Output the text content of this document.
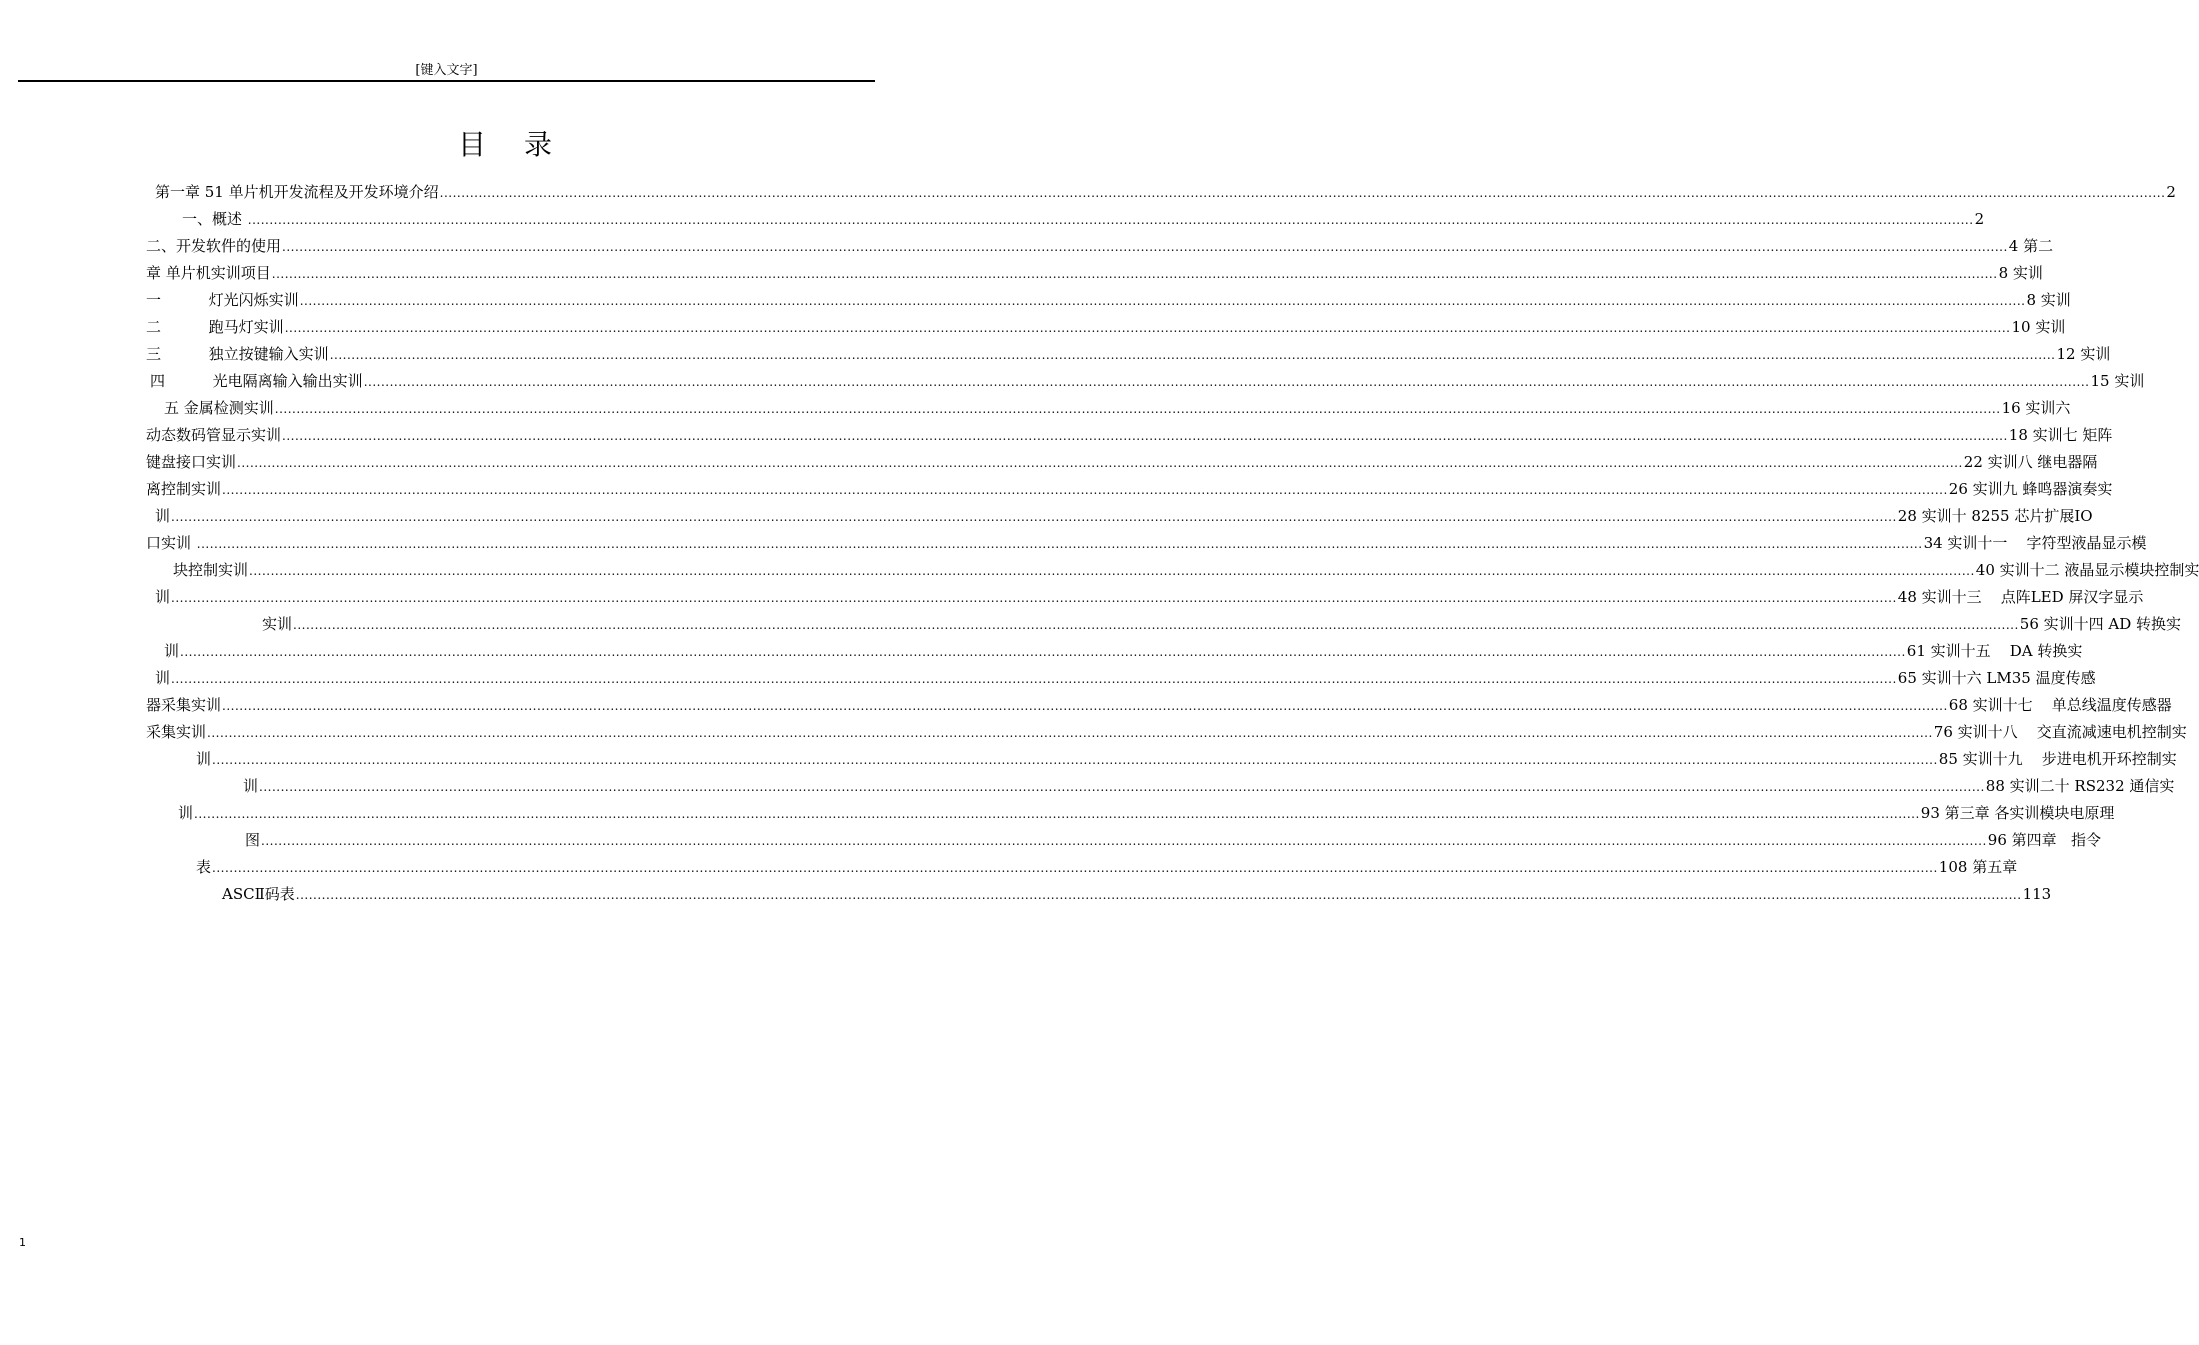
[键入文字]
目 录
第一章 51 单片机开发流程及开发环境介绍 ................................................................................................................................................................................................................................................................................................................................................................................................................ 2
一、概述 ................................................................................................................................................................................................................................................................................................................................................................................................................ 2
二、开发软件的使用 ................................................................................................................................................................................................................................................................................................................................................................................................................ 4 第二
章 单片机实训项目 ................................................................................................................................................................................................................................................................................................................................................................................................................ 8 实训
一          灯光闪烁实训 ................................................................................................................................................................................................................................................................................................................................................................................................................ 8 实训
二          跑马灯实训 ................................................................................................................................................................................................................................................................................................................................................................................................................ 10 实训
三          独立按键输入实训 ................................................................................................................................................................................................................................................................................................................................................................................................................ 12 实训
四          光电隔离输入输出实训 ................................................................................................................................................................................................................................................................................................................................................................................................................ 15 实训
五 金属检测实训 ................................................................................................................................................................................................................................................................................................................................................................................................................ 16 实训六
动态数码管显示实训 ................................................................................................................................................................................................................................................................................................................................................................................................................ 18 实训七 矩阵
键盘接口实训 ................................................................................................................................................................................................................................................................................................................................................................................................................ 22 实训八 继电器隔
离控制实训 ................................................................................................................................................................................................................................................................................................................................................................................................................ 26 实训九 蜂鸣器演奏实
训 ................................................................................................................................................................................................................................................................................................................................................................................................................ 28 实训十 8255 芯片扩展IO
口实训 ................................................................................................................................................................................................................................................................................................................................................................................................................ 34 实训十一    字符型液晶显示模
块控制实训 ................................................................................................................................................................................................................................................................................................................................................................................................................ 40 实训十二 液晶显示模块控制实
训 ................................................................................................................................................................................................................................................................................................................................................................................................................ 48 实训十三    点阵LED 屏汉字显示
实训 ................................................................................................................................................................................................................................................................................................................................................................................................................ 56 实训十四 AD 转换实
训 ................................................................................................................................................................................................................................................................................................................................................................................................................ 61 实训十五    DA 转换实
训 ................................................................................................................................................................................................................................................................................................................................................................................................................ 65 实训十六 LM35 温度传感
器采集实训 ................................................................................................................................................................................................................................................................................................................................................................................................................ 68 实训十七    单总线温度传感器
采集实训 ................................................................................................................................................................................................................................................................................................................................................................................................................ 76 实训十八    交直流减速电机控制实
训 ................................................................................................................................................................................................................................................................................................................................................................................................................ 85 实训十九    步进电机开环控制实
训 ................................................................................................................................................................................................................................................................................................................................................................................................................ 88 实训二十 RS232 通信实
训 ................................................................................................................................................................................................................................................................................................................................................................................................................ 93 第三章 各实训模块电原理
图 ................................................................................................................................................................................................................................................................................................................................................................................................................ 96 第四章   指令
表 ................................................................................................................................................................................................................................................................................................................................................................................................................ 108 第五章
ASCⅡ码表 ................................................................................................................................................................................................................................................................................................................................................................................................................ 113
1
